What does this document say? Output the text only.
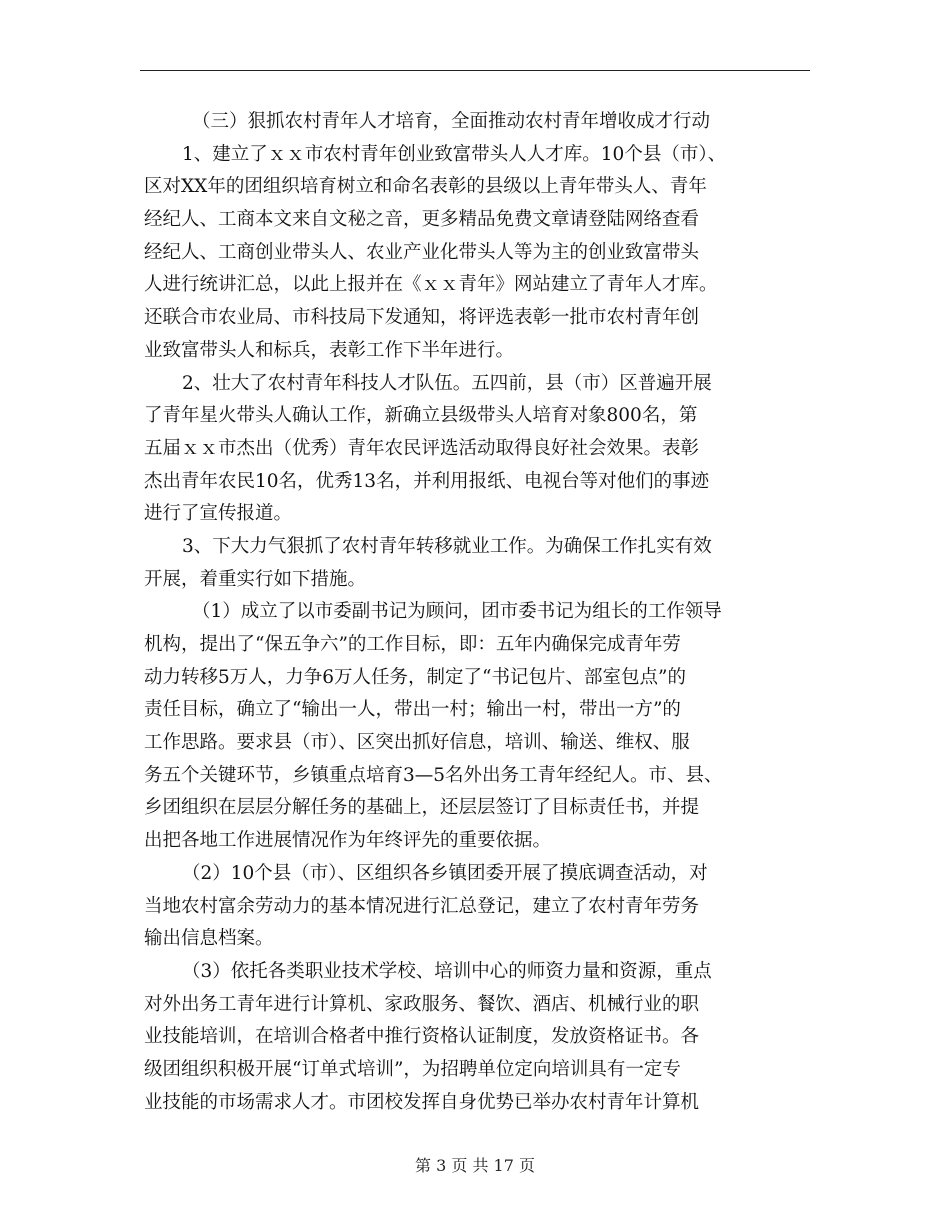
（三）狠抓农村青年人才培育，全面推动农村青年增收成才行动
1、建立了ｘｘ市农村青年创业致富带头人人才库。10个县（市）、
区对XX年的团组织培育树立和命名表彰的县级以上青年带头人、青年
经纪人、工商本文来自文秘之音，更多精品免费文章请登陆网络查看
经纪人、工商创业带头人、农业产业化带头人等为主的创业致富带头
人进行统讲汇总，以此上报并在《ｘｘ青年》网站建立了青年人才库。
还联合市农业局、市科技局下发通知，将评选表彰一批市农村青年创
业致富带头人和标兵，表彰工作下半年进行。
2、壮大了农村青年科技人才队伍。五四前，县（市）区普遍开展
了青年星火带头人确认工作，新确立县级带头人培育对象800名，第
五届ｘｘ市杰出（优秀）青年农民评选活动取得良好社会效果。表彰
杰出青年农民10名，优秀13名，并利用报纸、电视台等对他们的事迹
进行了宣传报道。
3、下大力气狠抓了农村青年转移就业工作。为确保工作扎实有效
开展，着重实行如下措施。
（1）成立了以市委副书记为顾问，团市委书记为组长的工作领导
机构，提出了“保五争六”的工作目标，即：五年内确保完成青年劳
动力转移5万人，力争6万人任务，制定了“书记包片、部室包点”的
责任目标，确立了“输出一人，带出一村；输出一村，带出一方”的
工作思路。要求县（市）、区突出抓好信息，培训、输送、维权、服
务五个关键环节，乡镇重点培育3—5名外出务工青年经纪人。市、县、
乡团组织在层层分解任务的基础上，还层层签订了目标责任书，并提
出把各地工作进展情况作为年终评先的重要依据。
（2）10个县（市）、区组织各乡镇团委开展了摸底调查活动，对
当地农村富余劳动力的基本情况进行汇总登记，建立了农村青年劳务
输出信息档案。
（3）依托各类职业技术学校、培训中心的师资力量和资源，重点
对外出务工青年进行计算机、家政服务、餐饮、酒店、机械行业的职
业技能培训，在培训合格者中推行资格认证制度，发放资格证书。各
级团组织积极开展“订单式培训”，为招聘单位定向培训具有一定专
业技能的市场需求人才。市团校发挥自身优势已举办农村青年计算机
第 3 页 共 17 页
